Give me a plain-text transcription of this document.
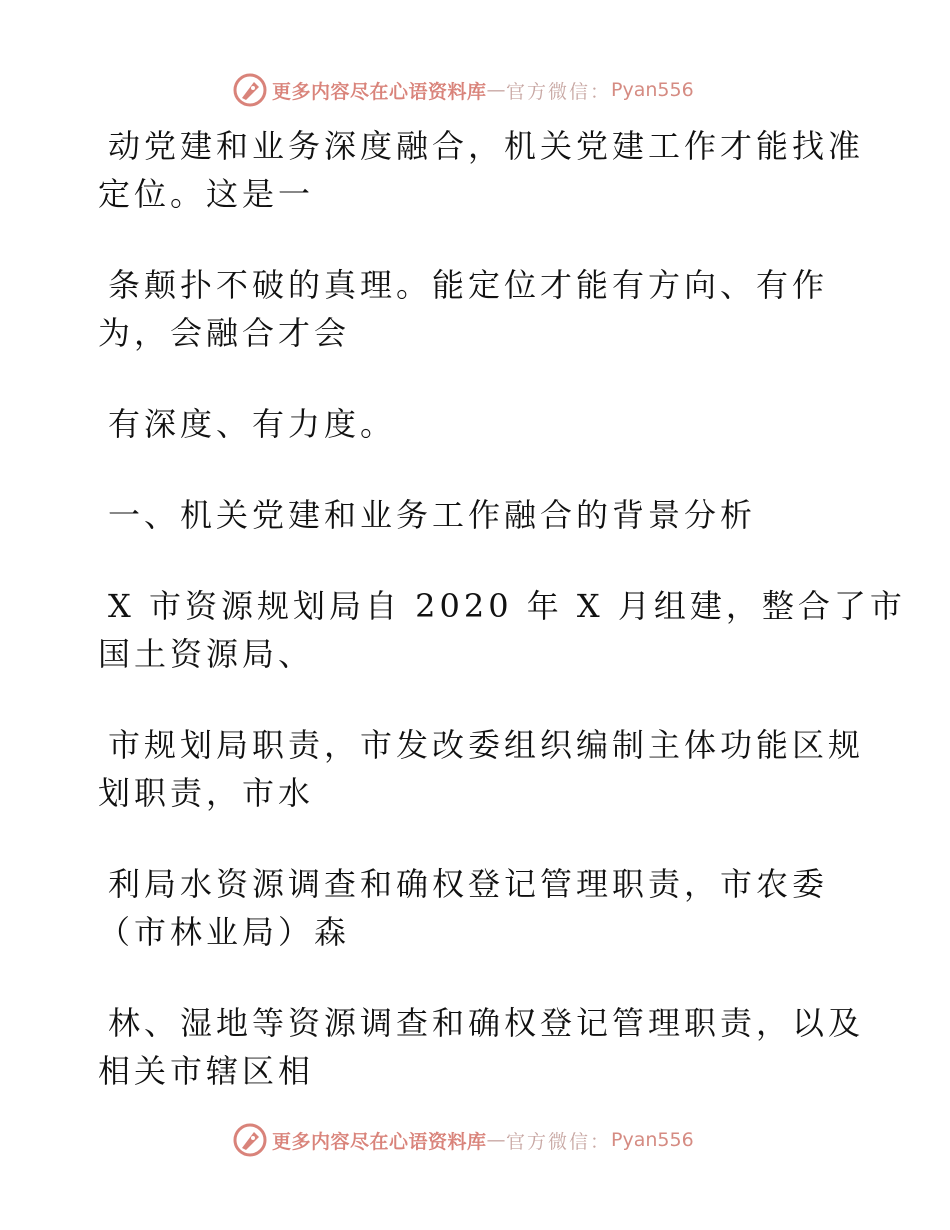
更多内容尽在心语资料库 — 官方微信： Pyan556
动党建和业务深度融合，机关党建工作才能找准
定位。这是一
条颠扑不破的真理。能定位才能有方向、有作
为，会融合才会
有深度、有力度。
一、机关党建和业务工作融合的背景分析
X 市资源规划局自 2020 年 X 月组建，整合了市
国土资源局、
市规划局职责，市发改委组织编制主体功能区规
划职责，市水
利局水资源调查和确权登记管理职责，市农委
（市林业局）森
林、湿地等资源调查和确权登记管理职责，以及
相关市辖区相
更多内容尽在心语资料库 — 官方微信： Pyan556
